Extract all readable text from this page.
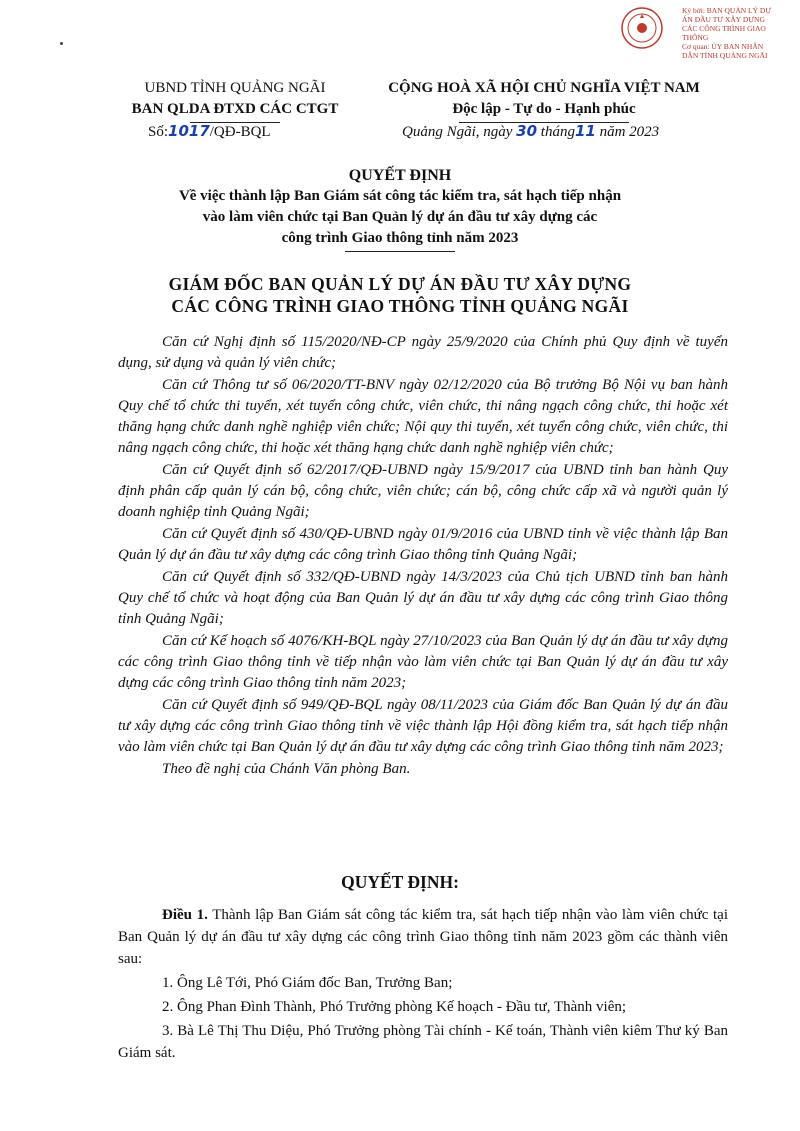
Ký bởi: BAN QUẢN LÝ DỰ
ÁN ĐẦU TƯ XÂY DỰNG
CÁC CÔNG TRÌNH GIAO
THÔNG
Cơ quan: ỦY BAN NHÂN
DÂN TỈNH QUẢNG NGÃI
UBND TỈNH QUẢNG NGÃI
BAN QLDA ĐTXD CÁC CTGT
CỘNG HOÀ XÃ HỘI CHỦ NGHĨA VIỆT NAM
Độc lập - Tự do - Hạnh phúc
Số:1017/QĐ-BQL	Quảng Ngãi, ngày 30 tháng11 năm 2023
QUYẾT ĐỊNH
Về việc thành lập Ban Giám sát công tác kiểm tra, sát hạch tiếp nhận
vào làm viên chức tại Ban Quản lý dự án đầu tư xây dựng các
công trình Giao thông tỉnh năm 2023
GIÁM ĐỐC BAN QUẢN LÝ DỰ ÁN ĐẦU TƯ XÂY DỰNG
CÁC CÔNG TRÌNH GIAO THÔNG TỈNH QUẢNG NGÃI

Căn cứ Nghị định số 115/2020/NĐ-CP ngày 25/9/2020 của Chính phủ Quy định về tuyển dụng, sử dụng và quản lý viên chức;

Căn cứ Thông tư số 06/2020/TT-BNV ngày 02/12/2020 của Bộ trưởng Bộ Nội vụ ban hành Quy chế tổ chức thi tuyển, xét tuyển công chức, viên chức, thi nâng ngạch công chức, thi hoặc xét thăng hạng chức danh nghề nghiệp viên chức; Nội quy thi tuyển, xét tuyển công chức, viên chức, thi nâng ngạch công chức, thi hoặc xét thăng hạng chức danh nghề nghiệp viên chức;

Căn cứ Quyết định số 62/2017/QĐ-UBND ngày 15/9/2017 của UBND tỉnh ban hành Quy định phân cấp quản lý cán bộ, công chức, viên chức; cán bộ, công chức cấp xã và người quản lý doanh nghiệp tỉnh Quảng Ngãi;

Căn cứ Quyết định số 430/QĐ-UBND ngày 01/9/2016 của UBND tỉnh về việc thành lập Ban Quản lý dự án đầu tư xây dựng các công trình Giao thông tỉnh Quảng Ngãi;

Căn cứ Quyết định số 332/QĐ-UBND ngày 14/3/2023 của Chủ tịch UBND tỉnh ban hành Quy chế tổ chức và hoạt động của Ban Quản lý dự án đầu tư xây dựng các công trình Giao thông tỉnh Quảng Ngãi;

Căn cứ Kế hoạch số 4076/KH-BQL ngày 27/10/2023 của Ban Quản lý dự án đầu tư xây dựng các công trình Giao thông tỉnh về tiếp nhận vào làm viên chức tại Ban Quản lý dự án đầu tư xây dựng các công trình Giao thông tỉnh năm 2023;

Căn cứ Quyết định số 949/QĐ-BQL ngày 08/11/2023 của Giám đốc Ban Quản lý dự án đầu tư xây dựng các công trình Giao thông tỉnh về việc thành lập Hội đồng kiểm tra, sát hạch tiếp nhận vào làm viên chức tại Ban Quản lý dự án đầu tư xây dựng các công trình Giao thông tỉnh năm 2023;

Theo đề nghị của Chánh Văn phòng Ban.

QUYẾT ĐỊNH:

Điều 1. Thành lập Ban Giám sát công tác kiểm tra, sát hạch tiếp nhận vào làm viên chức tại Ban Quản lý dự án đầu tư xây dựng các công trình Giao thông tỉnh năm 2023 gồm các thành viên sau:

1. Ông Lê Tới, Phó Giám đốc Ban, Trưởng Ban;

2. Ông Phan Đình Thành, Phó Trưởng phòng Kế hoạch - Đầu tư, Thành viên;

3. Bà Lê Thị Thu Diệu, Phó Trưởng phòng Tài chính - Kế toán, Thành viên kiêm Thư ký Ban Giám sát.
